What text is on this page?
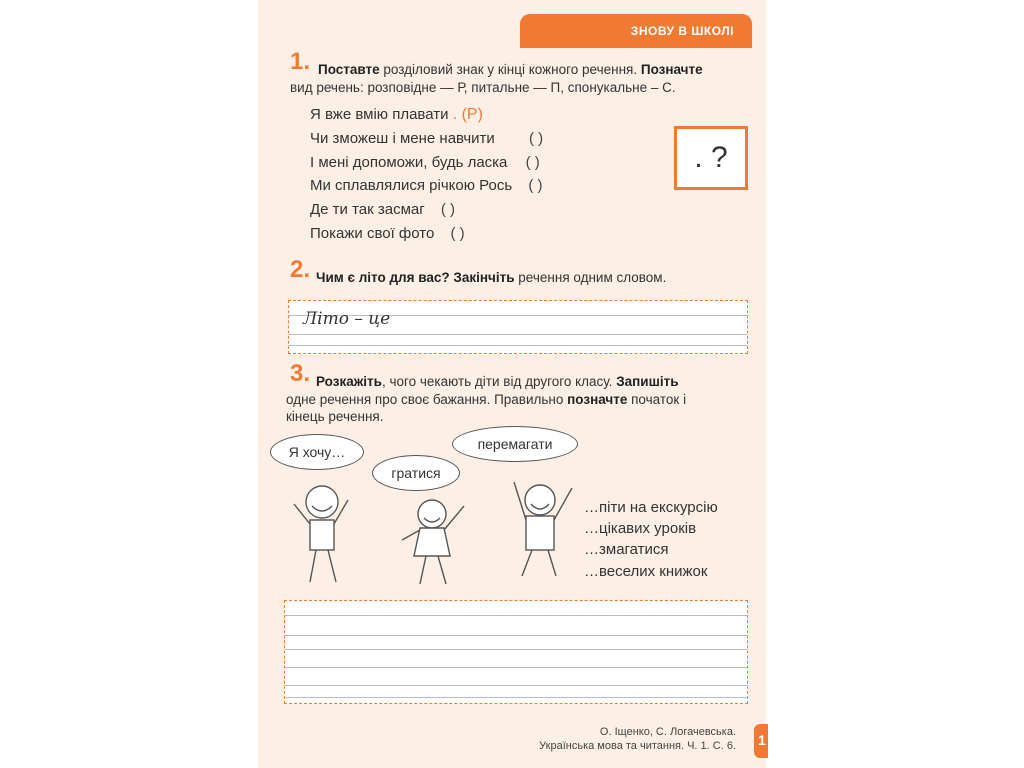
ЗНОВУ В ШКОЛІ
1. Поставте розділовий знак у кінці кожного речення. Позначте
вид речень: розповідне — Р, питальне — П, спонукальне – С.
Я вже вмію плавати . (Р)
Чи зможеш і мене навчити ( )
І мені допоможи, будь ласка ( )
Ми сплавлялися річкою Рось ( )
Де ти так засмаг ( )
Покажи свої фото ( )
. ?
2. Чим є літо для вас? Закінчіть речення одним словом.
Літо – це
3. Розкажіть, чого чекають діти від другого класу. Запишіть
одне речення про своє бажання. Правильно позначте початок і
кінець речення.
Я хочу…
гратися
перемагати
…піти на екскурсію
…цікавих уроків
…змагатися
…веселих книжок
О. Іщенко, С. Логачевська.
Українська мова та читання. Ч. 1. С. 6. 1
